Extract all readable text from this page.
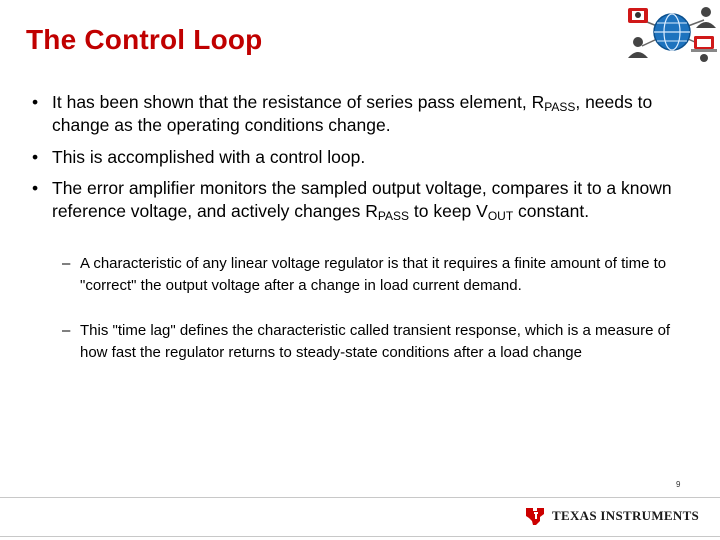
The Control Loop
• It has been shown that the resistance of series pass element, $R_{PASS}$, needs to change as the operating conditions change.
• This is accomplished with a control loop.
• The error amplifier monitors the sampled output voltage, compares it to a known reference voltage, and actively changes $R_{PASS}$ to keep $V_{OUT}$ constant.
– A characteristic of any linear voltage regulator is that it requires a finite amount of time to "correct" the output voltage after a change in load current demand.
– This "time lag" defines the characteristic called transient response, which is a measure of how fast the regulator returns to steady-state conditions after a load change
9
TEXAS INSTRUMENTS
